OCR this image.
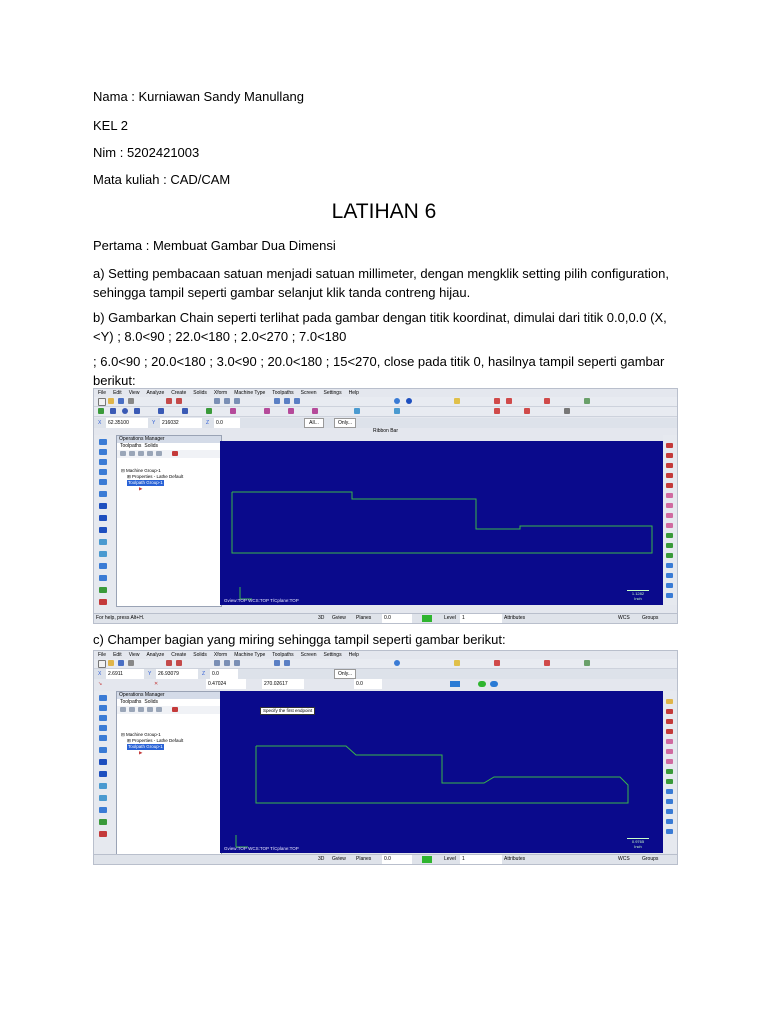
Nama : Kurniawan Sandy Manullang
KEL 2
Nim : 5202421003
Mata kuliah : CAD/CAM
LATIHAN 6
Pertama : Membuat Gambar Dua Dimensi
a) Setting pembacaan satuan menjadi satuan millimeter, dengan mengklik setting pilih configuration, sehingga tampil seperti gambar selanjut klik tanda contreng hijau.
b) Gambarkan Chain seperti terlihat pada gambar dengan titik koordinat, dimulai dari titik 0.0,0.0 (X,<Y) ; 8.0<90 ; 22.0<180 ; 2.0<270 ; 7.0<180
; 6.0<90 ; 20.0<180 ; 3.0<90 ; 20.0<180 ; 15<270, close pada titik 0, hasilnya tampil seperti gambar berikut:
File Edit View Analyze Create Solids Xform Machine Type Toolpaths Screen Settings Help
X	62.35100	Y	216032	Z	0.0	All...	Only...
Ribbon Bar
Operations Manager
Toolpaths Solids
⊟ Machine Group-1
⊞ Properties - Lathe Default
Toolpath Group-1
▶
Gview:TOP WCS:TOP T/Cplane:TOP
1.1282
Inch
For help, press Alt+H.	3D Gview Planes	0.0	Level	1	Attributes	WCS Groups
c) Champer bagian yang miring sehingga tampil seperti gambar berikut:
File Edit View Analyze Create Solids Xform Machine Type Toolpaths Screen Settings Help
X	2.6911	Y	26.93079	Z	0.0	Only...
↘	✕	0.47024	270.02617	0.0
Operations Manager
Toolpaths Solids
⊟ Machine Group-1
⊞ Properties - Lathe Default
Toolpath Group-1
▶
Specify the first endpoint
Gview:TOP WCS:TOP T/Cplane:TOP
0.9765
Inch
3D Gview Planes	0.0	Level	1	Attributes	WCS Groups
